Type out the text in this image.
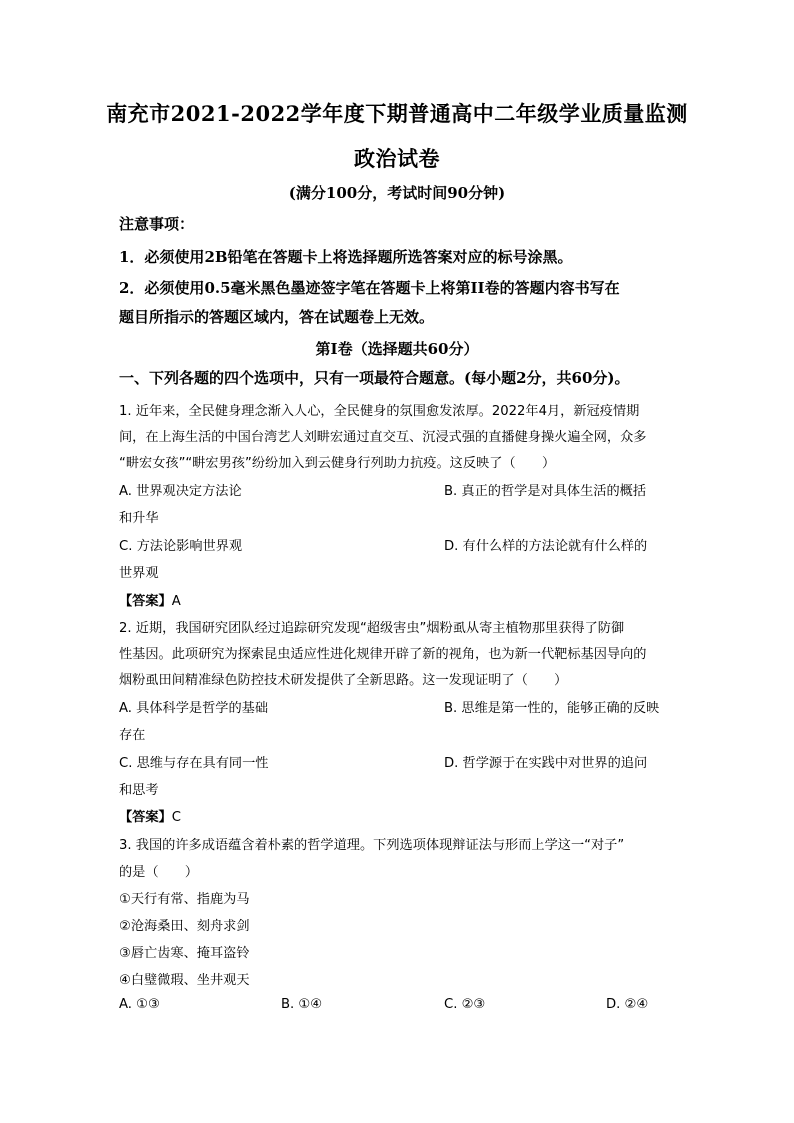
南充市2021-2022学年度下期普通高中二年级学业质量监测
政治试卷
(满分100分，考试时间90分钟)
注意事项：
1．必须使用2B铅笔在答题卡上将选择题所选答案对应的标号涂黑。
2．必须使用0.5毫米黑色墨迹签字笔在答题卡上将第II卷的答题内容书写在
题目所指示的答题区域内，答在试题卷上无效。
第I卷（选择题共60分）
一、下列各题的四个选项中，只有一项最符合题意。(每小题2分，共60分)。
1. 近年来，全民健身理念渐入人心，全民健身的氛围愈发浓厚。2022年4月，新冠疫情期
间，在上海生活的中国台湾艺人刘畊宏通过直交互、沉浸式强的直播健身操火遍全网，众多
“畊宏女孩”“畊宏男孩”纷纷加入到云健身行列助力抗疫。这反映了（　　）
A. 世界观决定方法论	B. 真正的哲学是对具体生活的概括
和升华
C. 方法论影响世界观	D. 有什么样的方法论就有什么样的
世界观
【答案】A
2. 近期，我国研究团队经过追踪研究发现“超级害虫”烟粉虱从寄主植物那里获得了防御
性基因。此项研究为探索昆虫适应性进化规律开辟了新的视角，也为新一代靶标基因导向的
烟粉虱田间精准绿色防控技术研发提供了全新思路。这一发现证明了（　　）
A. 具体科学是哲学的基础	B. 思维是第一性的，能够正确的反映
存在
C. 思维与存在具有同一性	D. 哲学源于在实践中对世界的追问
和思考
【答案】C
3. 我国的许多成语蕴含着朴素的哲学道理。下列选项体现辩证法与形而上学这一“对子”
的是（　　）
①天行有常、指鹿为马
②沧海桑田、刻舟求剑
③唇亡齿寒、掩耳盗铃
④白璧微瑕、坐井观天
A. ①③	B. ①④	C. ②③	D. ②④
